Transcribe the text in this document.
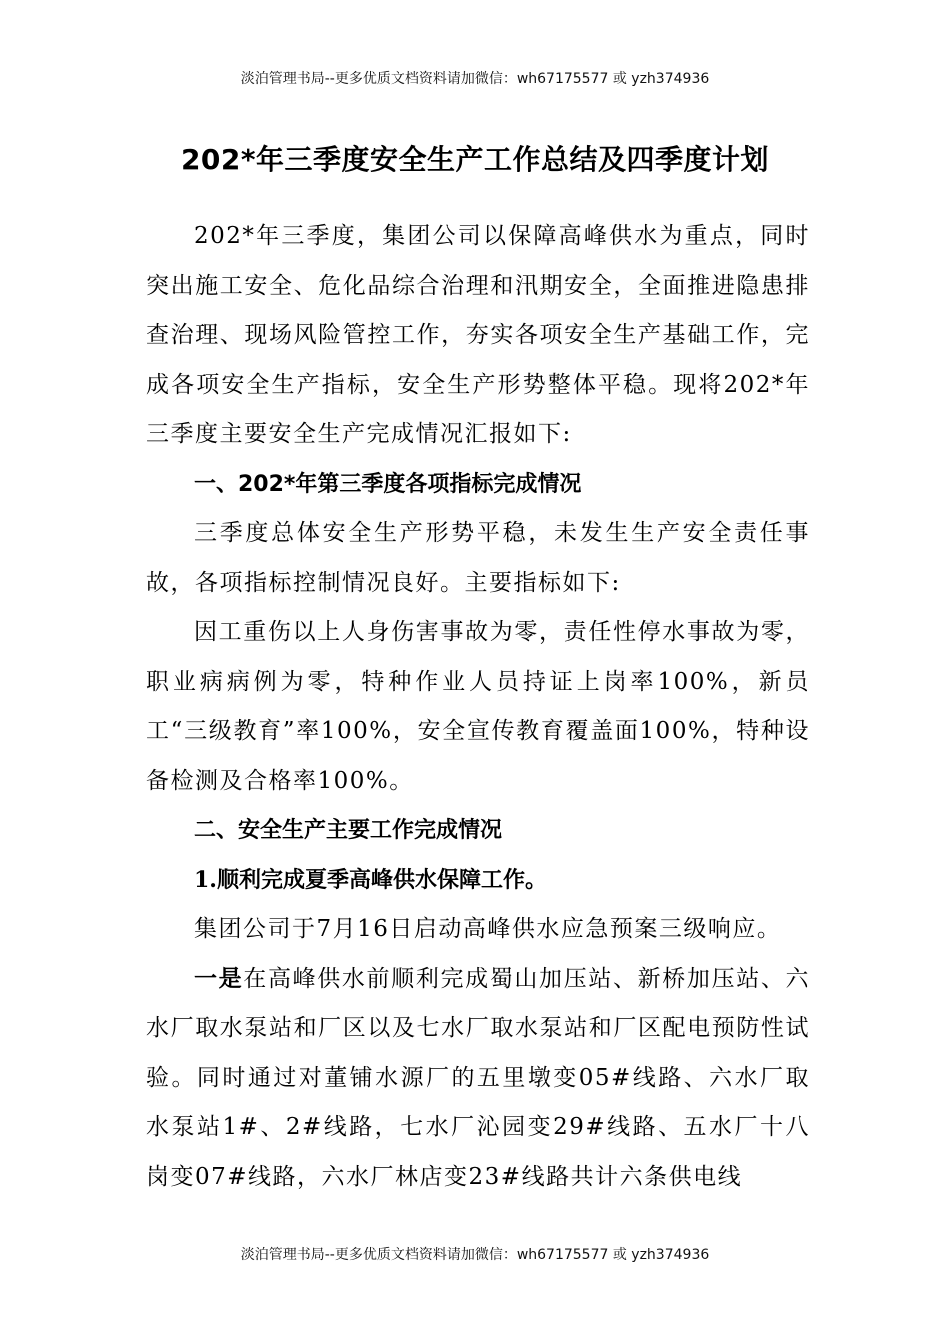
淡泊管理书局--更多优质文档资料请加微信：wh67175577 或 yzh374936
202*年三季度安全生产工作总结及四季度计划

202*年三季度，集团公司以保障高峰供水为重点，同时突出施工安全、危化品综合治理和汛期安全，全面推进隐患排查治理、现场风险管控工作，夯实各项安全生产基础工作，完成各项安全生产指标，安全生产形势整体平稳。现将202*年三季度主要安全生产完成情况汇报如下:

一、202*年第三季度各项指标完成情况

三季度总体安全生产形势平稳，未发生生产安全责任事故，各项指标控制情况良好。主要指标如下:

因工重伤以上人身伤害事故为零，责任性停水事故为零，职业病病例为零，特种作业人员持证上岗率100%，新员工“三级教育”率100%，安全宣传教育覆盖面100%，特种设备检测及合格率100%。

二、安全生产主要工作完成情况

1.顺利完成夏季高峰供水保障工作。

集团公司于7月16日启动高峰供水应急预案三级响应。

一是在高峰供水前顺利完成蜀山加压站、新桥加压站、六水厂取水泵站和厂区以及七水厂取水泵站和厂区配电预防性试验。同时通过对董铺水源厂的五里墩变05#线路、六水厂取水泵站1#、2#线路，七水厂沁园变29#线路、五水厂十八岗变07#线路，六水厂林店变23#线路共计六条供电线

淡泊管理书局--更多优质文档资料请加微信：wh67175577 或 yzh374936
